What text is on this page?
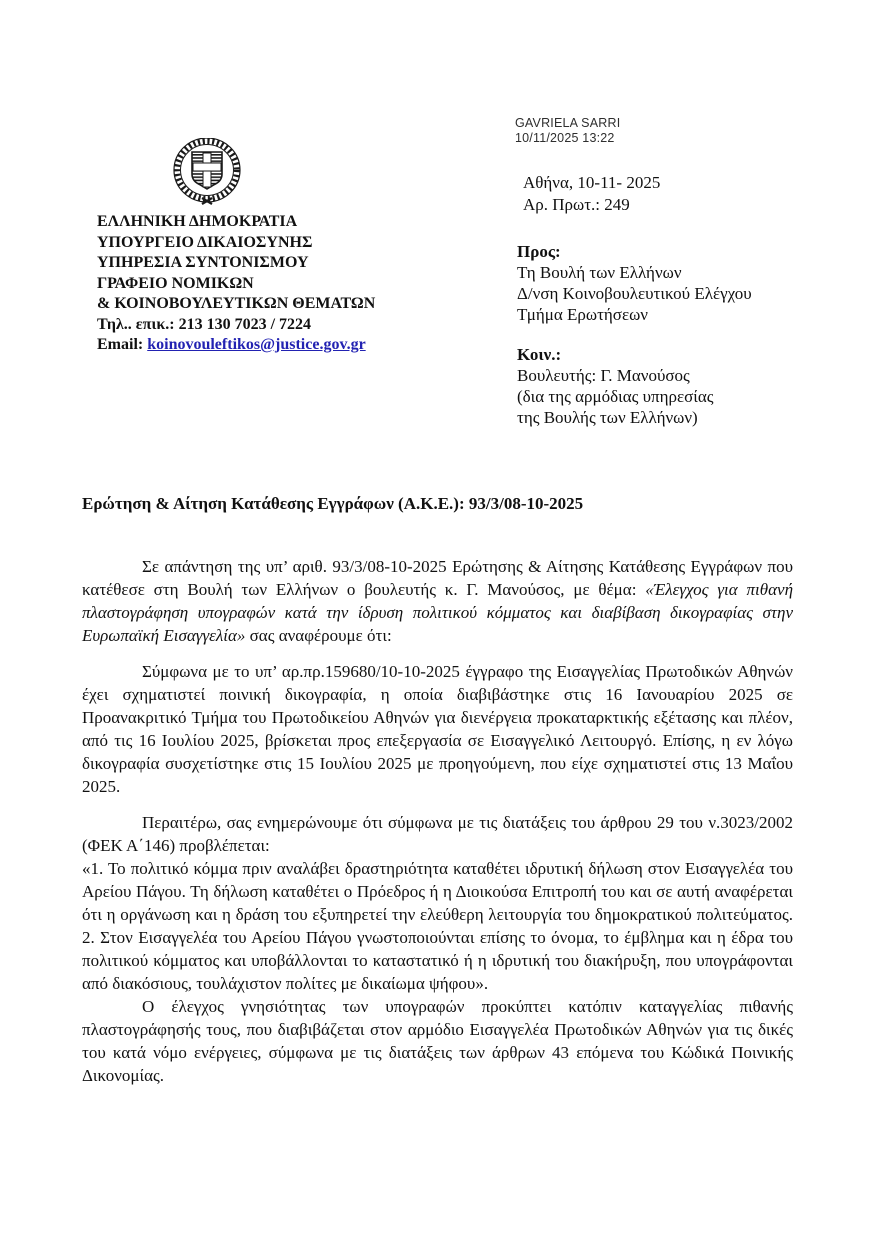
GAVRIELA SARRI
10/11/2025 13:22
ΕΛΛΗΝΙΚΗ ΔΗΜΟΚΡΑΤΙΑ
ΥΠΟΥΡΓΕΙΟ ΔΙΚΑΙΟΣΥΝΗΣ
ΥΠΗΡΕΣΙΑ ΣΥΝΤΟΝΙΣΜΟΥ
ΓΡΑΦΕΙΟ ΝΟΜΙΚΩΝ
& ΚΟΙΝΟΒΟΥΛΕΥΤΙΚΩΝ ΘΕΜΑΤΩΝ
Τηλ.. επικ.: 213 130 7023 / 7224
Email: koinovouleftikos@justice.gov.gr
Αθήνα, 10-11- 2025
Αρ. Πρωτ.: 249
Προς:
Τη Βουλή των Ελλήνων
Δ/νση Κοινοβουλευτικού Ελέγχου
Τμήμα Ερωτήσεων
Κοιν.:
Βουλευτής: Γ. Μανούσος
(δια της αρμόδιας υπηρεσίας
της Βουλής των Ελλήνων)
Ερώτηση & Αίτηση Κατάθεσης Εγγράφων (Α.Κ.Ε.): 93/3/08-10-2025

Σε απάντηση της υπ’ αριθ. 93/3/08-10-2025 Ερώτησης & Αίτησης Κατάθεσης Εγγράφων που κατέθεσε στη Βουλή των Ελλήνων ο βουλευτής κ. Γ. Μανούσος, με θέμα: «Έλεγχος για πιθανή πλαστογράφηση υπογραφών κατά την ίδρυση πολιτικού κόμματος και διαβίβαση δικογραφίας στην Ευρωπαϊκή Εισαγγελία» σας αναφέρουμε ότι:

Σύμφωνα με το υπ’ αρ.πρ.159680/10-10-2025 έγγραφο της Εισαγγελίας Πρωτοδικών Αθηνών έχει σχηματιστεί ποινική δικογραφία, η οποία διαβιβάστηκε στις 16 Ιανουαρίου 2025 σε Προανακριτικό Τμήμα του Πρωτοδικείου Αθηνών για διενέργεια προκαταρκτικής εξέτασης και πλέον, από τις 16 Ιουλίου 2025, βρίσκεται προς επεξεργασία σε Εισαγγελικό Λειτουργό. Επίσης, η εν λόγω δικογραφία συσχετίστηκε στις 15 Ιουλίου 2025 με προηγούμενη, που είχε σχηματιστεί στις 13 Μαΐου 2025.

Περαιτέρω, σας ενημερώνουμε ότι σύμφωνα με τις διατάξεις του άρθρου 29 του ν.3023/2002 (ΦΕΚ Α΄146) προβλέπεται:

«1. Το πολιτικό κόμμα πριν αναλάβει δραστηριότητα καταθέτει ιδρυτική δήλωση στον Εισαγγελέα του Αρείου Πάγου. Τη δήλωση καταθέτει ο Πρόεδρος ή η Διοικούσα Επιτροπή του και σε αυτή αναφέρεται ότι η οργάνωση και η δράση του εξυπηρετεί την ελεύθερη λειτουργία του δημοκρατικού πολιτεύματος. 2. Στον Εισαγγελέα του Αρείου Πάγου γνωστοποιούνται επίσης το όνομα, το έμβλημα και η έδρα του πολιτικού κόμματος και υποβάλλονται το καταστατικό ή η ιδρυτική του διακήρυξη, που υπογράφονται από διακόσιους, τουλάχιστον πολίτες με δικαίωμα ψήφου».

Ο έλεγχος γνησιότητας των υπογραφών προκύπτει κατόπιν καταγγελίας πιθανής πλαστογράφησής τους, που διαβιβάζεται στον αρμόδιο Εισαγγελέα Πρωτοδικών Αθηνών για τις δικές του κατά νόμο ενέργειες, σύμφωνα με τις διατάξεις των άρθρων 43 επόμενα του Κώδικά Ποινικής Δικονομίας.
